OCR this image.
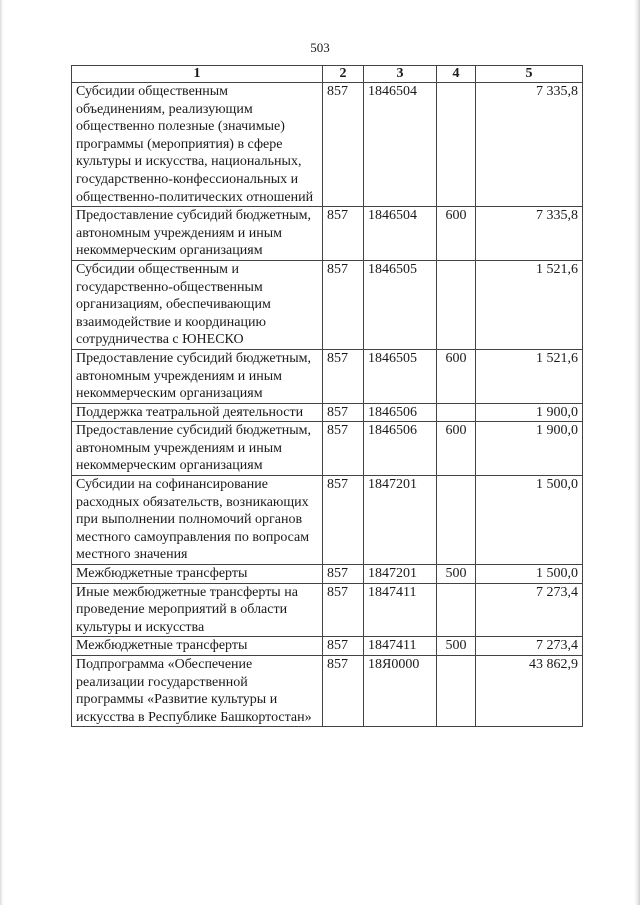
503
1	2	3	4	5
Субсидии общественным объединениям, реализующим общественно полезные (значимые) программы (мероприятия) в сфере культуры и искусства, национальных, государственно-конфессиональных и общественно-политических отношений	857	1846504		7 335,8
Предоставление субсидий бюджетным, автономным учреждениям и иным некоммерческим организациям	857	1846504	600	7 335,8
Субсидии общественным и государственно-общественным организациям, обеспечивающим взаимодействие и координацию сотрудничества с ЮНЕСКО	857	1846505		1 521,6
Предоставление субсидий бюджетным, автономным учреждениям и иным некоммерческим организациям	857	1846505	600	1 521,6
Поддержка театральной деятельности	857	1846506		1 900,0
Предоставление субсидий бюджетным, автономным учреждениям и иным некоммерческим организациям	857	1846506	600	1 900,0
Субсидии на софинансирование расходных обязательств, возникающих при выполнении полномочий органов местного самоуправления по вопросам местного значения	857	1847201		1 500,0
Межбюджетные трансферты	857	1847201	500	1 500,0
Иные межбюджетные трансферты на проведение мероприятий в области культуры и искусства	857	1847411		7 273,4
Межбюджетные трансферты	857	1847411	500	7 273,4
Подпрограмма «Обеспечение реализации государственной программы «Развитие культуры и искусства в Республике Башкортостан»	857	18Я0000		43 862,9
